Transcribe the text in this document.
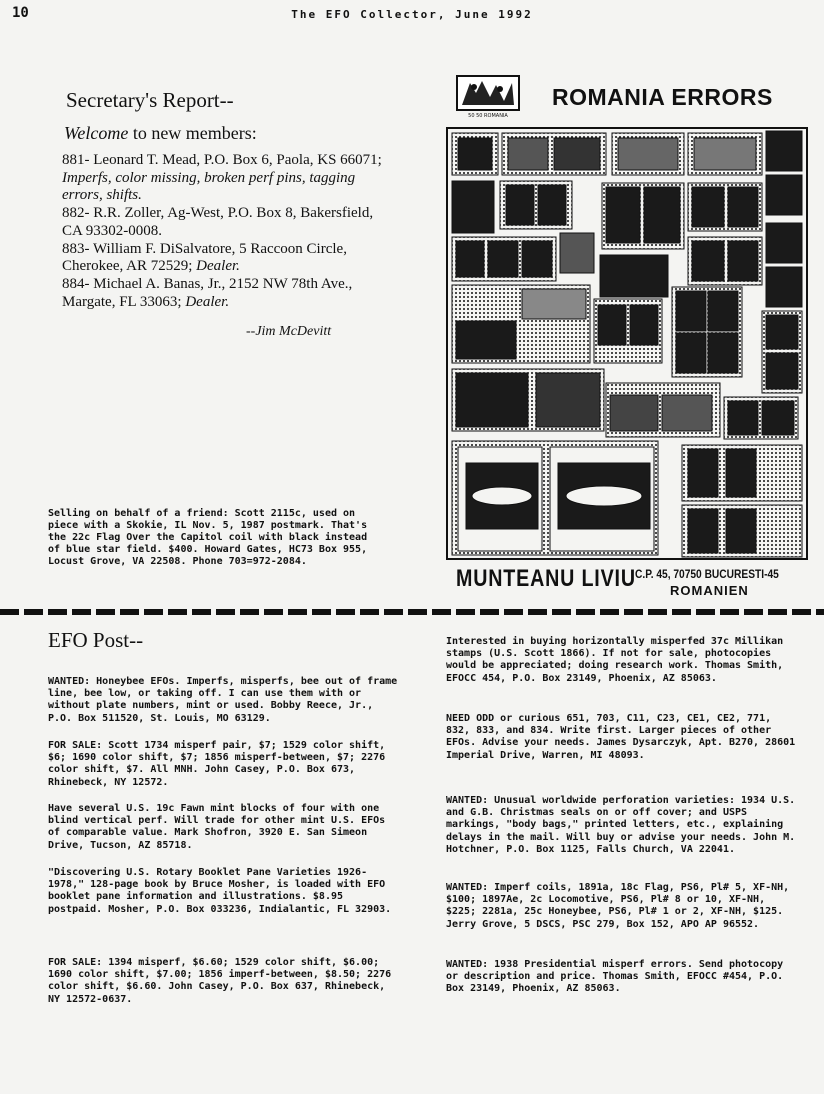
10	The EFO Collector, June 1992
Secretary's Report--
Welcome to new members:
881- Leonard T. Mead, P.O. Box 6, Paola, KS 66071; Imperfs, color missing, broken perf pins, tagging errors, shifts.
882- R.R. Zoller, Ag-West, P.O. Box 8, Bakersfield, CA 93302-0008.
883- William F. DiSalvatore, 5 Raccoon Circle, Cherokee, AR 72529; Dealer.
884- Michael A. Banas, Jr., 2152 NW 78th Ave., Margate, FL 33063; Dealer.
--Jim McDevitt
Selling on behalf of a friend: Scott 2115c, used on piece with a Skokie, IL Nov. 5, 1987 postmark. That's the 22c Flag Over the Capitol coil with black instead of blue star field. $400. Howard Gates, HC73 Box 955, Locust Grove, VA 22508. Phone 703=972-2084.
50 50 ROMANIA
ROMANIA ERRORS
MUNTEANU LIVIU C.P. 45, 70750 BUCURESTI-45
ROMANIEN
EFO Post--
WANTED: Honeybee EFOs. Imperfs, misperfs, bee out of frame line, bee low, or taking off. I can use them with or without plate numbers, mint or used. Bobby Reece, Jr., P.O. Box 511520, St. Louis, MO 63129.
FOR SALE: Scott 1734 misperf pair, $7; 1529 color shift, $6; 1690 color shift, $7; 1856 misperf-between, $7; 2276 color shift, $7. All MNH. John Casey, P.O. Box 673, Rhinebeck, NY 12572.
Have several U.S. 19c Fawn mint blocks of four with one blind vertical perf. Will trade for other mint U.S. EFOs of comparable value. Mark Shofron, 3920 E. San Simeon Drive, Tucson, AZ 85718.
"Discovering U.S. Rotary Booklet Pane Varieties 1926-1978," 128-page book by Bruce Mosher, is loaded with EFO booklet pane information and illustrations. $8.95 postpaid. Mosher, P.O. Box 033236, Indialantic, FL 32903.
FOR SALE: 1394 misperf, $6.60; 1529 color shift, $6.00; 1690 color shift, $7.00; 1856 imperf-between, $8.50; 2276 color shift, $6.60. John Casey, P.O. Box 637, Rhinebeck, NY 12572-0637.
Interested in buying horizontally misperfed 37c Millikan stamps (U.S. Scott 1866). If not for sale, photocopies would be appreciated; doing research work. Thomas Smith, EFOCC 454, P.O. Box 23149, Phoenix, AZ 85063.
NEED ODD or curious 651, 703, C11, C23, CE1, CE2, 771, 832, 833, and 834. Write first. Larger pieces of other EFOs. Advise your needs. James Dysarczyk, Apt. B270, 28601 Imperial Drive, Warren, MI 48093.
WANTED: Unusual worldwide perforation varieties: 1934 U.S. and G.B. Christmas seals on or off cover; and USPS markings, "body bags," printed letters, etc., explaining delays in the mail. Will buy or advise your needs. John M. Hotchner, P.O. Box 1125, Falls Church, VA 22041.
WANTED: Imperf coils, 1891a, 18c Flag, PS6, Pl# 5, XF-NH, $100; 1897Ae, 2c Locomotive, PS6, Pl# 8 or 10, XF-NH, $225; 2281a, 25c Honeybee, PS6, Pl# 1 or 2, XF-NH, $125. Jerry Grove, 5 DSCS, PSC 279, Box 152, APO AP 96552.
WANTED: 1938 Presidential misperf errors. Send photocopy or description and price. Thomas Smith, EFOCC #454, P.O. Box 23149, Phoenix, AZ 85063.
